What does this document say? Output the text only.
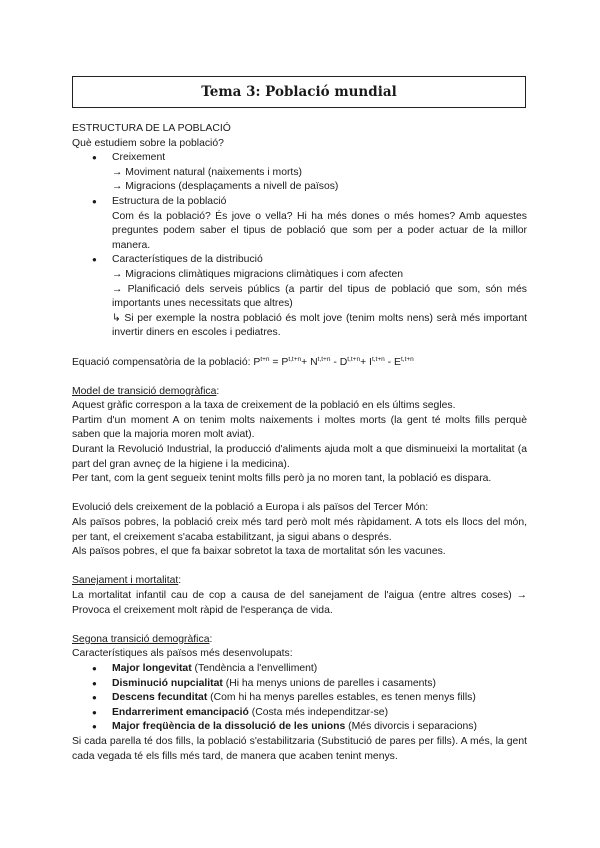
Tema 3: Població mundial

ESTRUCTURA DE LA POBLACIÓ

Què estudiem sobre la població?

● Creixement

→ Moviment natural (naixements i morts)

→ Migracions (desplaçaments a nivell de països)

● Estructura de la població

Com és la població? És jove o vella? Hi ha més dones o més homes? Amb aquestes preguntes podem saber el tipus de població que som per a poder actuar de la millor manera.

● Característiques de la distribució

→ Migracions climàtiques migracions climàtiques i com afecten

→ Planificació dels serveis públics (a partir del tipus de població que som, són més importants unes necessitats que altres)

↳ Si per exemple la nostra població és molt jove (tenim molts nens) serà més important invertir diners en escoles i pediatres.

Equació compensatòria de la població: $P^{t+n} = P^{t,t+n}+ N^{t,t+n} - D^{t,t+n}+ I^{t,t+n} - E^{t,t+n}$

Model de transició demogràfica:

Aquest gràfic correspon a la taxa de creixement de la població en els últims segles.

Partim d'un moment A on tenim molts naixements i moltes morts (la gent té molts fills perquè saben que la majoria moren molt aviat).

Durant la Revolució Industrial, la producció d'aliments ajuda molt a que disminueixi la mortalitat (a part del gran avneç de la higiene i la medicina).

Per tant, com la gent segueix tenint molts fills però ja no moren tant, la població es dispara.

Evolució dels creixement de la població a Europa i als països del Tercer Món:

Als països pobres, la població creix més tard però molt més ràpidament. A tots els llocs del món, per tant, el creixement s'acaba estabilitzant, ja sigui abans o després.

Als països pobres, el que fa baixar sobretot la taxa de mortalitat són les vacunes.

Sanejament i mortalitat:

La mortalitat infantil cau de cop a causa de del sanejament de l'aigua (entre altres coses) → Provoca el creixement molt ràpid de l'esperança de vida.

Segona transició demogràfica:

Característiques als països més desenvolupats:

● Major longevitat (Tendència a l'envelliment)
● Disminució nupcialitat (Hi ha menys unions de parelles i casaments)
● Descens fecunditat (Com hi ha menys parelles estables, es tenen menys fills)
● Endarreriment emancipació (Costa més independitzar-se)
● Major freqüència de la dissolució de les unions (Més divorcis i separacions)

Si cada parella té dos fills, la població s'estabilitzaria (Substitució de pares per fills). A més, la gent cada vegada té els fills més tard, de manera que acaben tenint menys.
